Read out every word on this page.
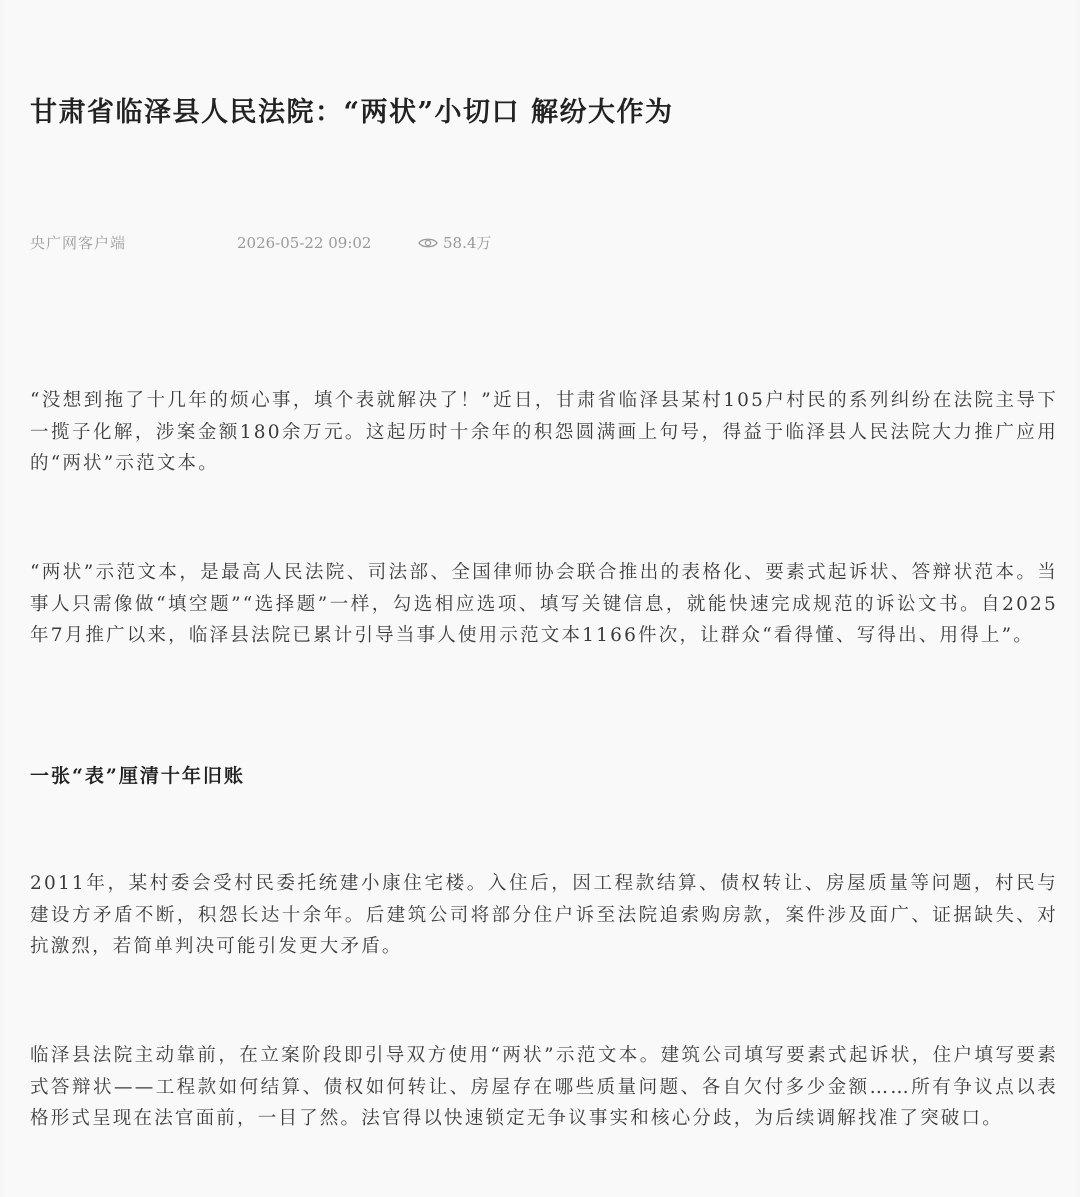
甘肃省临泽县人民法院：“两状”小切口 解纷大作为
央广网客户端	2026-05-22 09:02	58.4万

“没想到拖了十几年的烦心事，填个表就解决了！”近日，甘肃省临泽县某村105户村民的系列纠纷在法院主导下一揽子化解，涉案金额180余万元。这起历时十余年的积怨圆满画上句号，得益于临泽县人民法院大力推广应用的“两状”示范文本。

“两状”示范文本，是最高人民法院、司法部、全国律师协会联合推出的表格化、要素式起诉状、答辩状范本。当事人只需像做“填空题”“选择题”一样，勾选相应选项、填写关键信息，就能快速完成规范的诉讼文书。自2025年7月推广以来，临泽县法院已累计引导当事人使用示范文本1166件次，让群众“看得懂、写得出、用得上”。

一张“表”厘清十年旧账

2011年，某村委会受村民委托统建小康住宅楼。入住后，因工程款结算、债权转让、房屋质量等问题，村民与建设方矛盾不断，积怨长达十余年。后建筑公司将部分住户诉至法院追索购房款，案件涉及面广、证据缺失、对抗激烈，若简单判决可能引发更大矛盾。

临泽县法院主动靠前，在立案阶段即引导双方使用“两状”示范文本。建筑公司填写要素式起诉状，住户填写要素式答辩状——工程款如何结算、债权如何转让、房屋存在哪些质量问题、各自欠付多少金额……所有争议点以表格形式呈现在法官面前，一目了然。法官得以快速锁定无争议事实和核心分歧，为后续调解找准了突破口。
